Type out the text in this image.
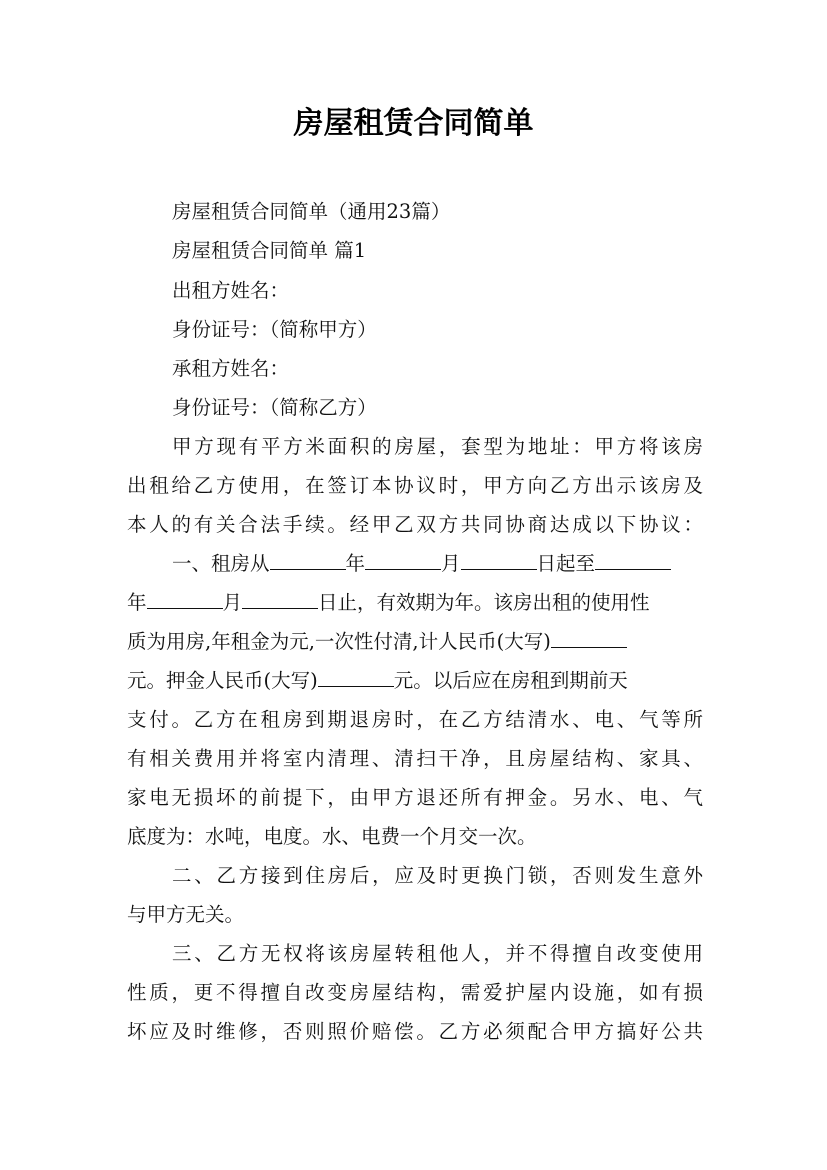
房屋租赁合同简单
房屋租赁合同简单（通用23篇）
房屋租赁合同简单 篇1
出租方姓名：
身份证号：（简称甲方）
承租方姓名：
身份证号：（简称乙方）
甲方现有平方米面积的房屋，套型为地址：甲方将该房
出租给乙方使用，在签订本协议时，甲方向乙方出示该房及
本人的有关合法手续。经甲乙双方共同协商达成以下协议：
一、租房从	年	月	日起至
年	月	日止，有效期为年。该房出租的使用性
质为用房,年租金为元,一次性付清,计人民币(大写)
元。押金人民币(大写)	元。以后应在房租到期前天
支付。乙方在租房到期退房时，在乙方结清水、电、气等所
有相关费用并将室内清理、清扫干净，且房屋结构、家具、
家电无损坏的前提下，由甲方退还所有押金。另水、电、气
底度为：水吨，电度。水、电费一个月交一次。
二、乙方接到住房后，应及时更换门锁，否则发生意外
与甲方无关。
三、乙方无权将该房屋转租他人，并不得擅自改变使用
性质，更不得擅自改变房屋结构，需爱护屋内设施，如有损
坏应及时维修，否则照价赔偿。乙方必须配合甲方搞好公共
